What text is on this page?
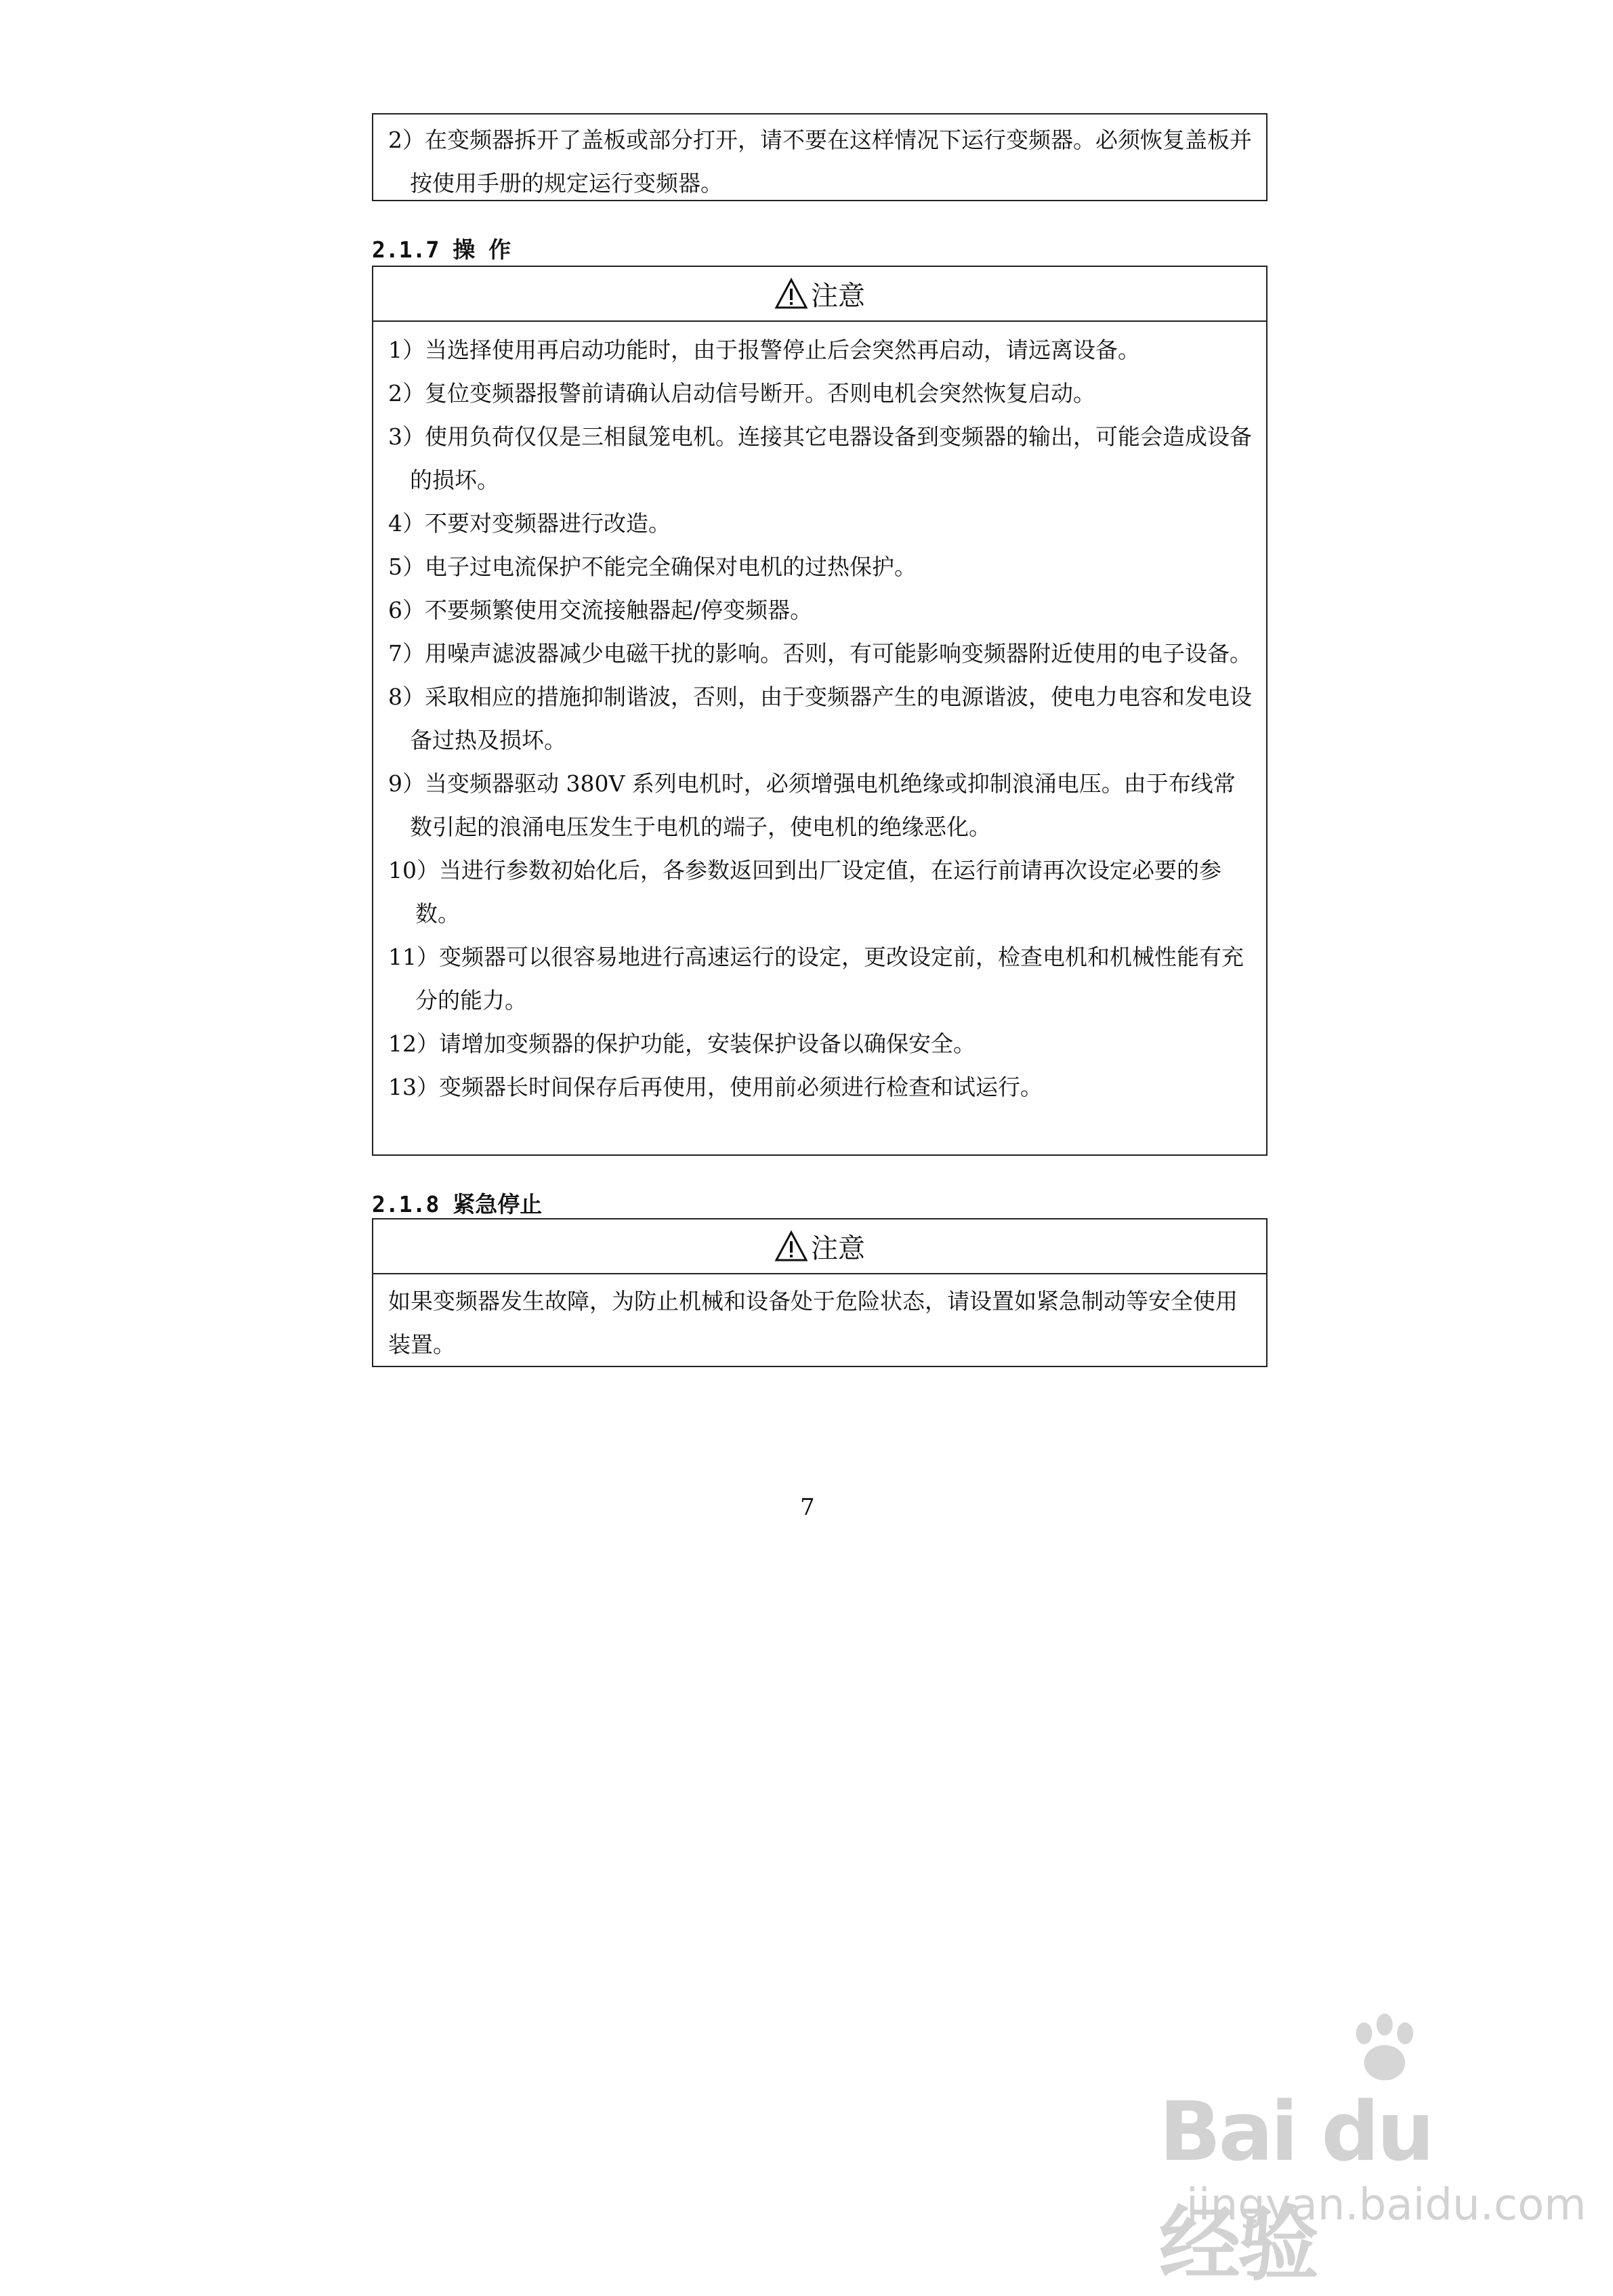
2）在变频器拆开了盖板或部分打开，请不要在这样情况下运行变频器。必须恢复盖板并按使用手册的规定运行变频器。
2.1.7 操 作
注意
1）当选择使用再启动功能时，由于报警停止后会突然再启动，请远离设备。
2）复位变频器报警前请确认启动信号断开。否则电机会突然恢复启动。
3）使用负荷仅仅是三相鼠笼电机。连接其它电器设备到变频器的输出，可能会造成设备的损坏。
4）不要对变频器进行改造。
5）电子过电流保护不能完全确保对电机的过热保护。
6）不要频繁使用交流接触器起/停变频器。
7）用噪声滤波器减少电磁干扰的影响。否则，有可能影响变频器附近使用的电子设备。
8）采取相应的措施抑制谐波，否则，由于变频器产生的电源谐波，使电力电容和发电设备过热及损坏。
9）当变频器驱动 380V 系列电机时，必须增强电机绝缘或抑制浪涌电压。由于布线常数引起的浪涌电压发生于电机的端子，使电机的绝缘恶化。
10）当进行参数初始化后，各参数返回到出厂设定值，在运行前请再次设定必要的参数。
11）变频器可以很容易地进行高速运行的设定，更改设定前，检查电机和机械性能有充分的能力。
12）请增加变频器的保护功能，安装保护设备以确保安全。
13）变频器长时间保存后再使用，使用前必须进行检查和试运行。
2.1.8 紧急停止
注意
如果变频器发生故障，为防止机械和设备处于危险状态，请设置如紧急制动等安全使用装置。
7
Bai du 经验
jingyan.baidu.com
